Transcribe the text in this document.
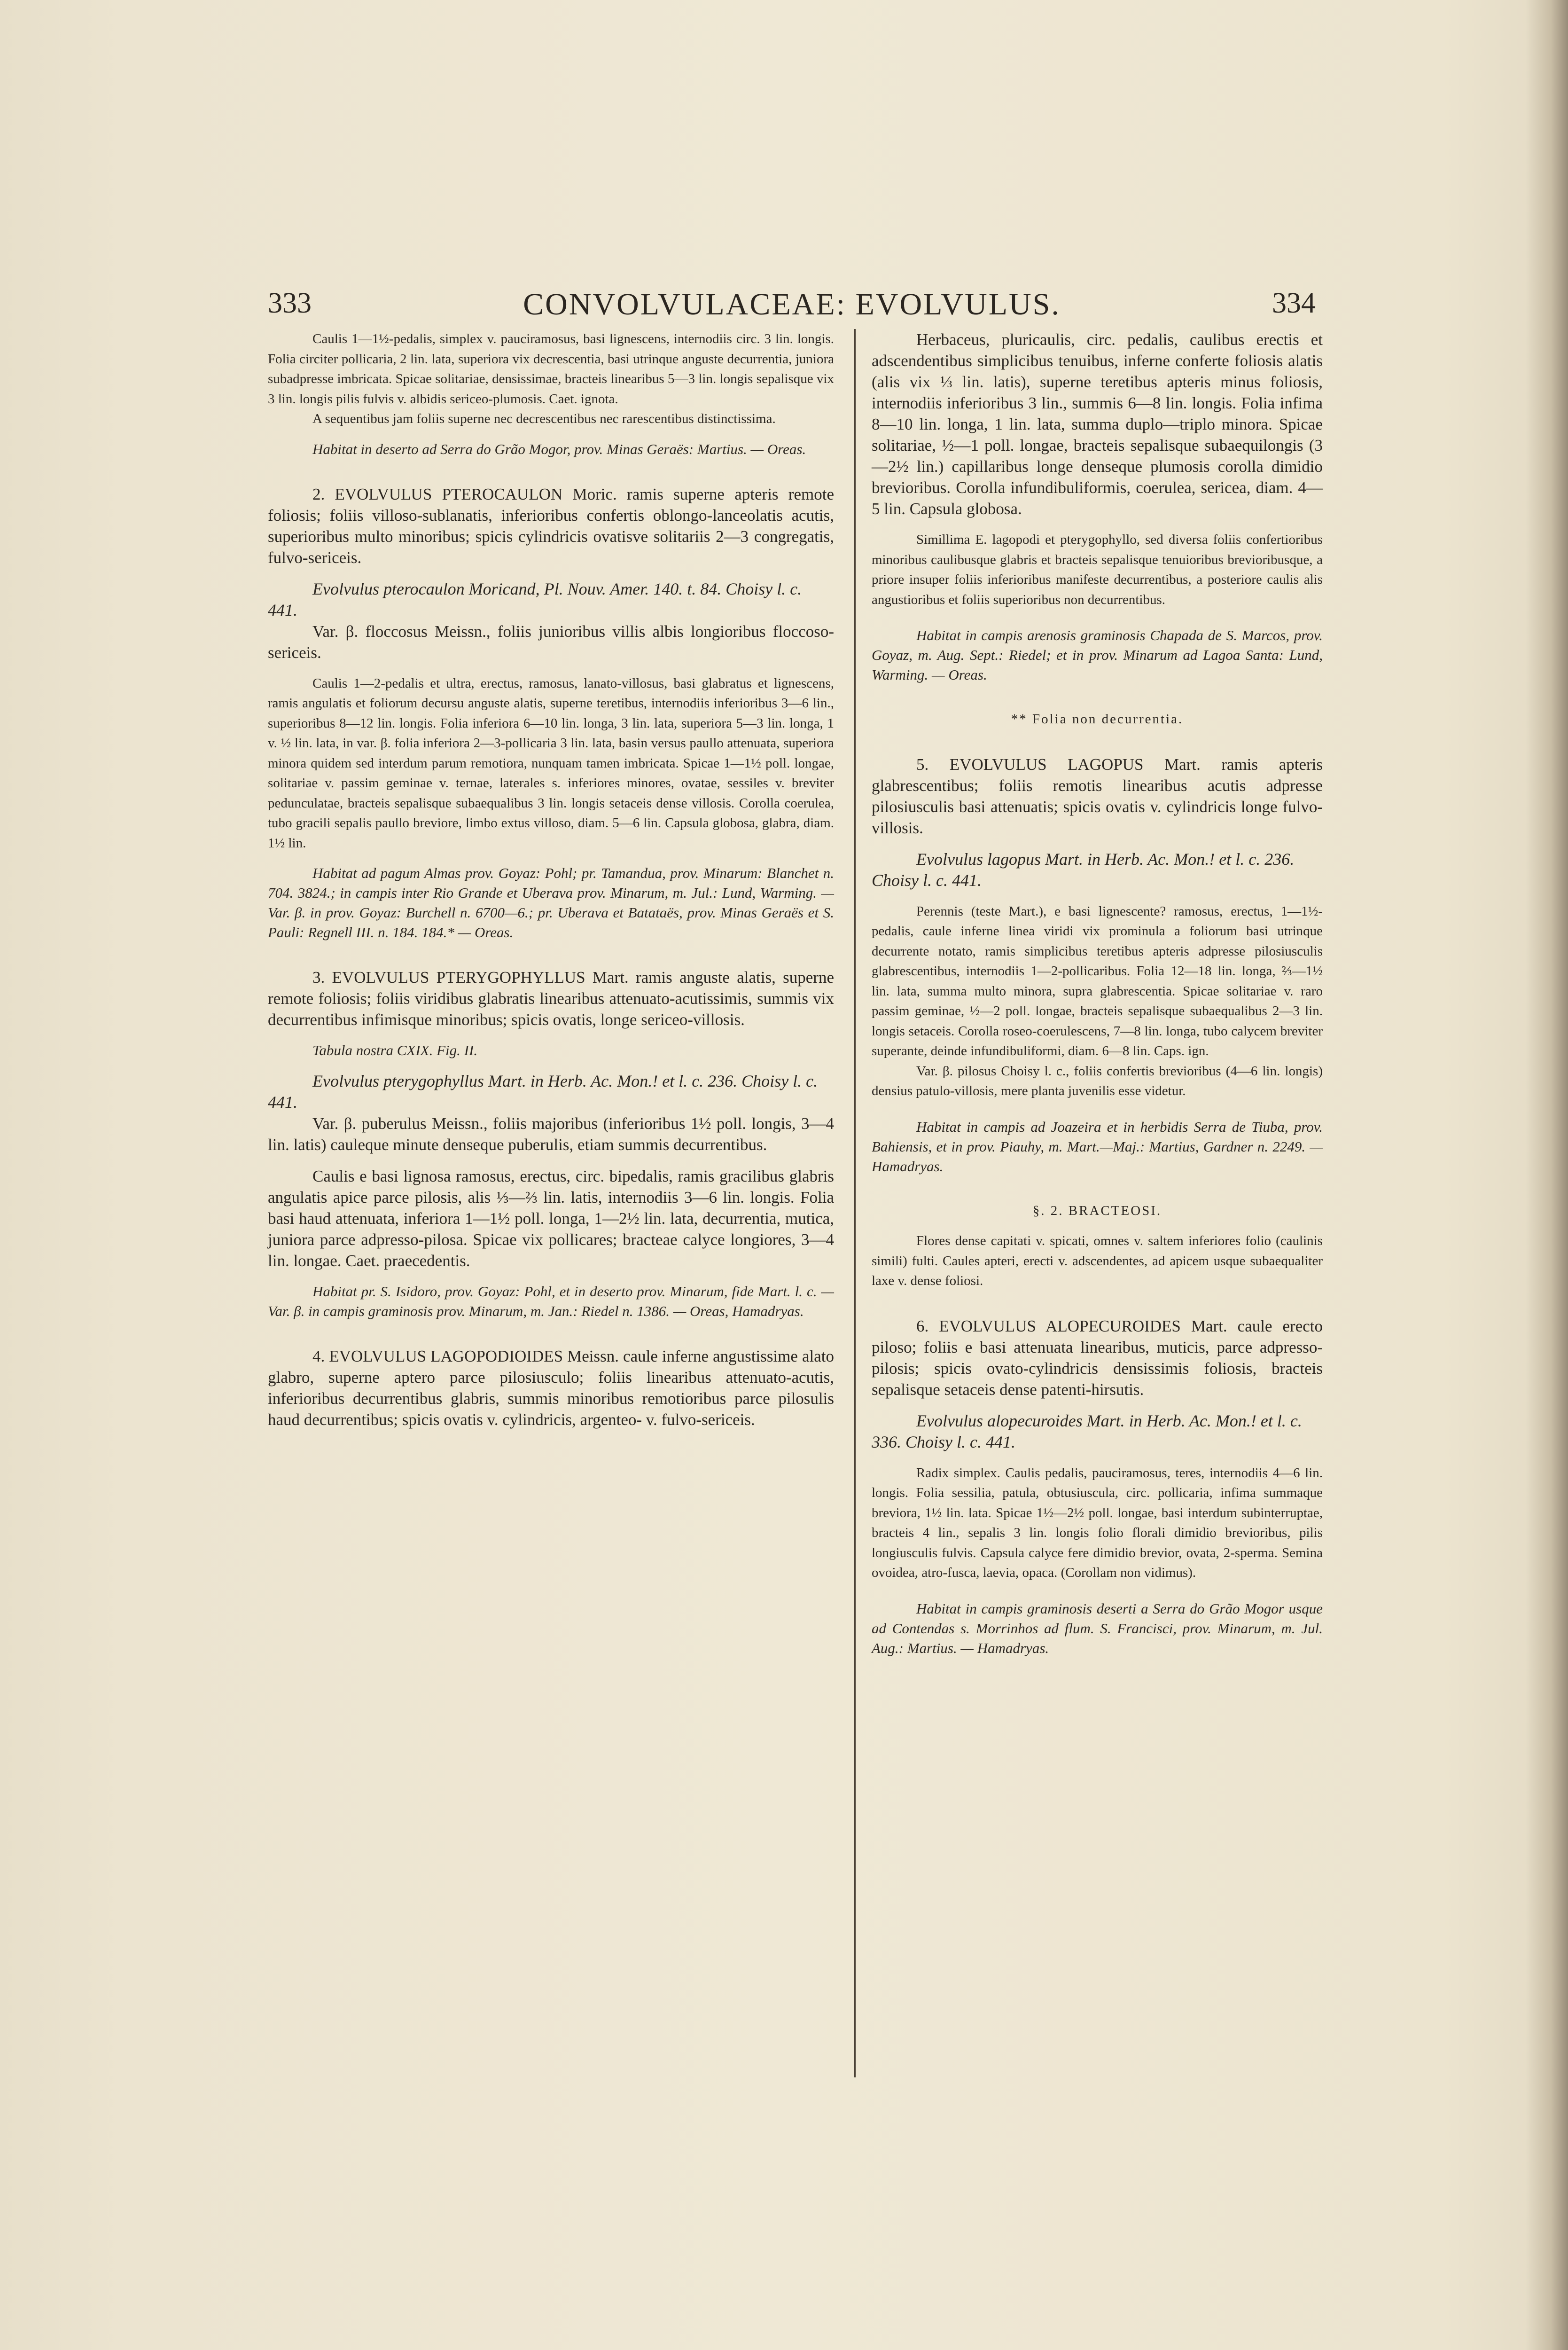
333	CONVOLVULACEAE: EVOLVULUS.	334

Caulis 1—1½-pedalis, simplex v. pauciramosus, basi lignescens, internodiis circ. 3 lin. longis. Folia circiter pollicaria, 2 lin. lata, superiora vix decrescentia, basi utrinque anguste decurrentia, juniora subadpresse imbricata. Spicae solitariae, densissimae, bracteis linearibus 5—3 lin. longis sepalisque vix 3 lin. longis pilis fulvis v. albidis sericeo-plumosis. Caet. ignota.

A sequentibus jam foliis superne nec decrescentibus nec rarescentibus distinctissima.

Habitat in deserto ad Serra do Grão Mogor, prov. Minas Geraës: Martius. — Oreas.

2. EVOLVULUS PTEROCAULON Moric. ramis superne apteris remote foliosis; foliis villoso-sublanatis, inferioribus confertis oblongo-lanceolatis acutis, superioribus multo minoribus; spicis cylindricis ovatisve solitariis 2—3 congregatis, fulvo-sericeis.

Evolvulus pterocaulon Moricand, Pl. Nouv. Amer. 140. t. 84. Choisy l. c. 441.

Var. β. floccosus Meissn., foliis junioribus villis albis longioribus floccoso-sericeis.

Caulis 1—2-pedalis et ultra, erectus, ramosus, lanato-villosus, basi glabratus et lignescens, ramis angulatis et foliorum decursu anguste alatis, superne teretibus, internodiis inferioribus 3—6 lin., superioribus 8—12 lin. longis. Folia inferiora 6—10 lin. longa, 3 lin. lata, superiora 5—3 lin. longa, 1 v. ½ lin. lata, in var. β. folia inferiora 2—3-pollicaria 3 lin. lata, basin versus paullo attenuata, superiora minora quidem sed interdum parum remotiora, nunquam tamen imbricata. Spicae 1—1½ poll. longae, solitariae v. passim geminae v. ternae, laterales s. inferiores minores, ovatae, sessiles v. breviter pedunculatae, bracteis sepalisque subaequalibus 3 lin. longis setaceis dense villosis. Corolla coerulea, tubo gracili sepalis paullo breviore, limbo extus villoso, diam. 5—6 lin. Capsula globosa, glabra, diam. 1½ lin.

Habitat ad pagum Almas prov. Goyaz: Pohl; pr. Tamandua, prov. Minarum: Blanchet n. 704. 3824.; in campis inter Rio Grande et Uberava prov. Minarum, m. Jul.: Lund, Warming. — Var. β. in prov. Goyaz: Burchell n. 6700—6.; pr. Uberava et Batataës, prov. Minas Geraës et S. Pauli: Regnell III. n. 184. 184.* — Oreas.

3. EVOLVULUS PTERYGOPHYLLUS Mart. ramis anguste alatis, superne remote foliosis; foliis viridibus glabratis linearibus attenuato-acutissimis, summis vix decurrentibus infimisque minoribus; spicis ovatis, longe sericeo-villosis.

Tabula nostra CXIX. Fig. II.

Evolvulus pterygophyllus Mart. in Herb. Ac. Mon.! et l. c. 236. Choisy l. c. 441.

Var. β. puberulus Meissn., foliis majoribus (inferioribus 1½ poll. longis, 3—4 lin. latis) cauleque minute denseque puberulis, etiam summis decurrentibus.

Caulis e basi lignosa ramosus, erectus, circ. bipedalis, ramis gracilibus glabris angulatis apice parce pilosis, alis ⅓—⅔ lin. latis, internodiis 3—6 lin. longis. Folia basi haud attenuata, inferiora 1—1½ poll. longa, 1—2½ lin. lata, decurrentia, mutica, juniora parce adpresso-pilosa. Spicae vix pollicares; bracteae calyce longiores, 3—4 lin. longae. Caet. praecedentis.

Habitat pr. S. Isidoro, prov. Goyaz: Pohl, et in deserto prov. Minarum, fide Mart. l. c. — Var. β. in campis graminosis prov. Minarum, m. Jan.: Riedel n. 1386. — Oreas, Hamadryas.

4. EVOLVULUS LAGOPODIOIDES Meissn. caule inferne angustissime alato glabro, superne aptero parce pilosiusculo; foliis linearibus attenuato-acutis, inferioribus decurrentibus glabris, summis minoribus remotioribus parce pilosulis haud decurrentibus; spicis ovatis v. cylindricis, argenteo- v. fulvo-sericeis.

Herbaceus, pluricaulis, circ. pedalis, caulibus erectis et adscendentibus simplicibus tenuibus, inferne conferte foliosis alatis (alis vix ⅓ lin. latis), superne teretibus apteris minus foliosis, internodiis inferioribus 3 lin., summis 6—8 lin. longis. Folia infima 8—10 lin. longa, 1 lin. lata, summa duplo—triplo minora. Spicae solitariae, ½—1 poll. longae, bracteis sepalisque subaequilongis (3—2½ lin.) capillaribus longe denseque plumosis corolla dimidio brevioribus. Corolla infundibuliformis, coerulea, sericea, diam. 4—5 lin. Capsula globosa.

Simillima E. lagopodi et pterygophyllo, sed diversa foliis confertioribus minoribus caulibusque glabris et bracteis sepalisque tenuioribus brevioribusque, a priore insuper foliis inferioribus manifeste decurrentibus, a posteriore caulis alis angustioribus et foliis superioribus non decurrentibus.

Habitat in campis arenosis graminosis Chapada de S. Marcos, prov. Goyaz, m. Aug. Sept.: Riedel; et in prov. Minarum ad Lagoa Santa: Lund, Warming. — Oreas.

** Folia non decurrentia.

5. EVOLVULUS LAGOPUS Mart. ramis apteris glabrescentibus; foliis remotis linearibus acutis adpresse pilosiusculis basi attenuatis; spicis ovatis v. cylindricis longe fulvo-villosis.

Evolvulus lagopus Mart. in Herb. Ac. Mon.! et l. c. 236. Choisy l. c. 441.

Perennis (teste Mart.), e basi lignescente? ramosus, erectus, 1—1½-pedalis, caule inferne linea viridi vix prominula a foliorum basi utrinque decurrente notato, ramis simplicibus teretibus apteris adpresse pilosiusculis glabrescentibus, internodiis 1—2-pollicaribus. Folia 12—18 lin. longa, ⅔—1½ lin. lata, summa multo minora, supra glabrescentia. Spicae solitariae v. raro passim geminae, ½—2 poll. longae, bracteis sepalisque subaequalibus 2—3 lin. longis setaceis. Corolla roseo-coerulescens, 7—8 lin. longa, tubo calycem breviter superante, deinde infundibuliformi, diam. 6—8 lin. Caps. ign.

Var. β. pilosus Choisy l. c., foliis confertis brevioribus (4—6 lin. longis) densius patulo-villosis, mere planta juvenilis esse videtur.

Habitat in campis ad Joazeira et in herbidis Serra de Tiuba, prov. Bahiensis, et in prov. Piauhy, m. Mart.—Maj.: Martius, Gardner n. 2249. — Hamadryas.

§. 2. BRACTEOSI.

Flores dense capitati v. spicati, omnes v. saltem inferiores folio (caulinis simili) fulti. Caules apteri, erecti v. adscendentes, ad apicem usque subaequaliter laxe v. dense foliosi.

6. EVOLVULUS ALOPECUROIDES Mart. caule erecto piloso; foliis e basi attenuata linearibus, muticis, parce adpresso-pilosis; spicis ovato-cylindricis densissimis foliosis, bracteis sepalisque setaceis dense patenti-hirsutis.

Evolvulus alopecuroides Mart. in Herb. Ac. Mon.! et l. c. 336. Choisy l. c. 441.

Radix simplex. Caulis pedalis, pauciramosus, teres, internodiis 4—6 lin. longis. Folia sessilia, patula, obtusiuscula, circ. pollicaria, infima summaque breviora, 1½ lin. lata. Spicae 1½—2½ poll. longae, basi interdum subinterruptae, bracteis 4 lin., sepalis 3 lin. longis folio florali dimidio brevioribus, pilis longiusculis fulvis. Capsula calyce fere dimidio brevior, ovata, 2-sperma. Semina ovoidea, atro-fusca, laevia, opaca. (Corollam non vidimus).

Habitat in campis graminosis deserti a Serra do Grão Mogor usque ad Contendas s. Morrinhos ad flum. S. Francisci, prov. Minarum, m. Jul. Aug.: Martius. — Hamadryas.
